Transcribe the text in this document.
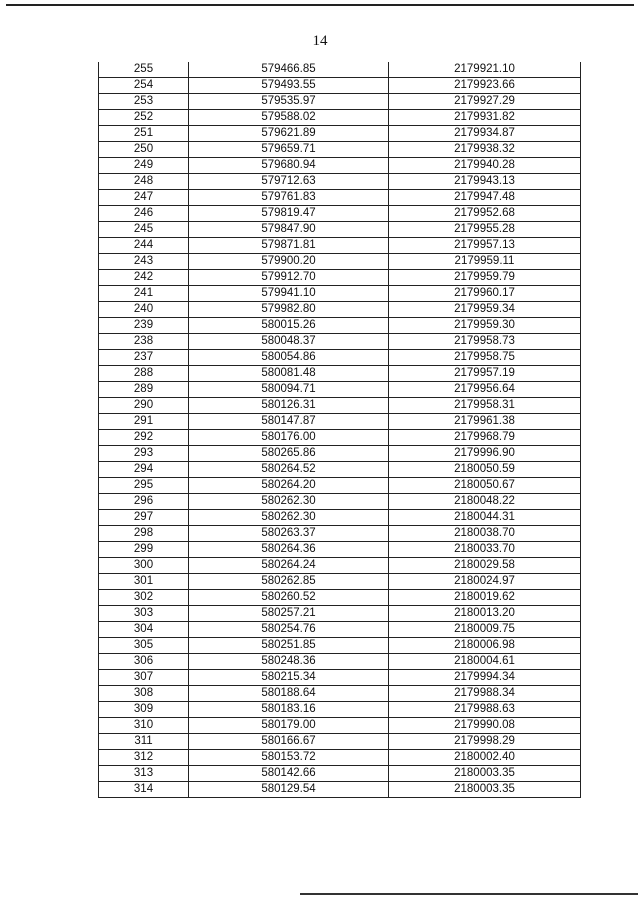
14
255	579466.85	2179921.10
254	579493.55	2179923.66
253	579535.97	2179927.29
252	579588.02	2179931.82
251	579621.89	2179934.87
250	579659.71	2179938.32
249	579680.94	2179940.28
248	579712.63	2179943.13
247	579761.83	2179947.48
246	579819.47	2179952.68
245	579847.90	2179955.28
244	579871.81	2179957.13
243	579900.20	2179959.11
242	579912.70	2179959.79
241	579941.10	2179960.17
240	579982.80	2179959.34
239	580015.26	2179959.30
238	580048.37	2179958.73
237	580054.86	2179958.75
288	580081.48	2179957.19
289	580094.71	2179956.64
290	580126.31	2179958.31
291	580147.87	2179961.38
292	580176.00	2179968.79
293	580265.86	2179996.90
294	580264.52	2180050.59
295	580264.20	2180050.67
296	580262.30	2180048.22
297	580262.30	2180044.31
298	580263.37	2180038.70
299	580264.36	2180033.70
300	580264.24	2180029.58
301	580262.85	2180024.97
302	580260.52	2180019.62
303	580257.21	2180013.20
304	580254.76	2180009.75
305	580251.85	2180006.98
306	580248.36	2180004.61
307	580215.34	2179994.34
308	580188.64	2179988.34
309	580183.16	2179988.63
310	580179.00	2179990.08
311	580166.67	2179998.29
312	580153.72	2180002.40
313	580142.66	2180003.35
314	580129.54	2180003.35
